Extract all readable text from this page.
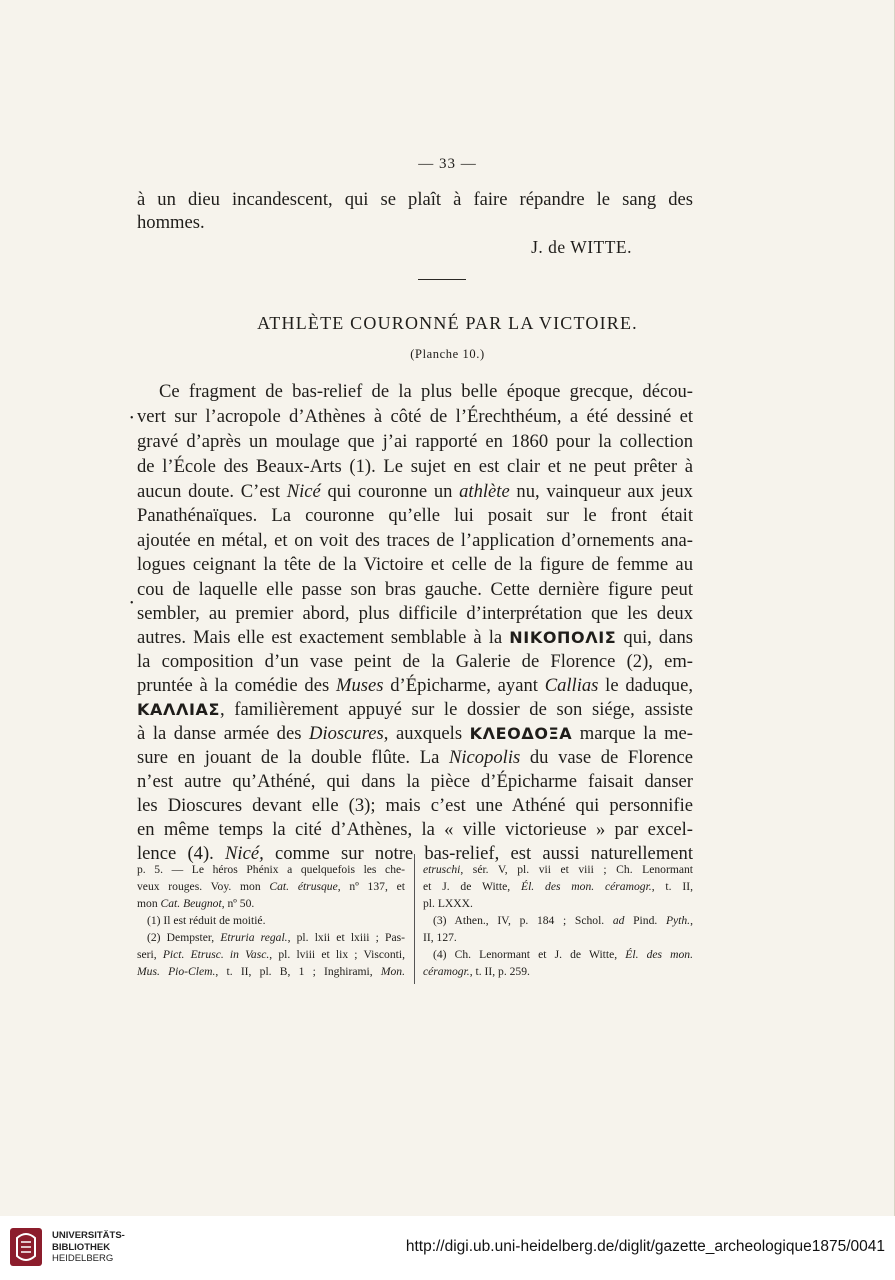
— 33 —
à un dieu incandescent, qui se plaît à faire répandre le sang des
hommes.
J. de WITTE.
ATHLÈTE COURONNÉ PAR LA VICTOIRE.
(Planche 10.)
•
•
Ce fragment de bas-relief de la plus belle époque grecque, décou-
vert sur l’acropole d’Athènes à côté de l’Érechthéum, a été dessiné et
gravé d’après un moulage que j’ai rapporté en 1860 pour la collection
de l’École des Beaux-Arts (1). Le sujet en est clair et ne peut prêter à
aucun doute. C’est Nicé qui couronne un athlète nu, vainqueur aux jeux
Panathénaïques. La couronne qu’elle lui posait sur le front était
ajoutée en métal, et on voit des traces de l’application d’ornements ana-
logues ceignant la tête de la Victoire et celle de la figure de femme au
cou de laquelle elle passe son bras gauche. Cette dernière figure peut
sembler, au premier abord, plus difficile d’interprétation que les deux
autres. Mais elle est exactement semblable à la ΝΙΚΟΠΟΛΙΣ qui, dans
la composition d’un vase peint de la Galerie de Florence (2), em-
pruntée à la comédie des Muses d’Épicharme, ayant Callias le daduque,
ΚΑΛΛΙΑΣ, familièrement appuyé sur le dossier de son siége, assiste
à la danse armée des Dioscures, auxquels ΚΛΕΟΔΟΞΑ marque la me-
sure en jouant de la double flûte. La Nicopolis du vase de Florence
n’est autre qu’Athéné, qui dans la pièce d’Épicharme faisait danser
les Dioscures devant elle (3); mais c’est une Athéné qui personnifie
en même temps la cité d’Athènes, la « ville victorieuse » par excel-
lence (4). Nicé, comme sur notre bas-relief, est aussi naturellement
p. 5. — Le héros Phénix a quelquefois les che-
veux rouges. Voy. mon Cat. étrusque, nº 137, et
mon Cat. Beugnot, nº 50.
(1) Il est réduit de moitié.
(2) Dempster, Etruria regal., pl. lxii et lxiii ; Pas-
seri, Pict. Etrusc. in Vasc., pl. lviii et lix ; Visconti,
Mus. Pio-Clem., t. II, pl. B, 1 ; Inghirami, Mon.
etruschi, sér. V, pl. vii et viii ; Ch. Lenormant
et J. de Witte, Él. des mon. céramogr., t. II,
pl. LXXX.
(3) Athen., IV, p. 184 ; Schol. ad Pind. Pyth.,
II, 127.
(4) Ch. Lenormant et J. de Witte, Él. des mon.
céramogr., t. II, p. 259.
UNIVERSITÄTS-
BIBLIOTHEK
HEIDELBERG
http://digi.ub.uni-heidelberg.de/diglit/gazette_archeologique1875/0041
